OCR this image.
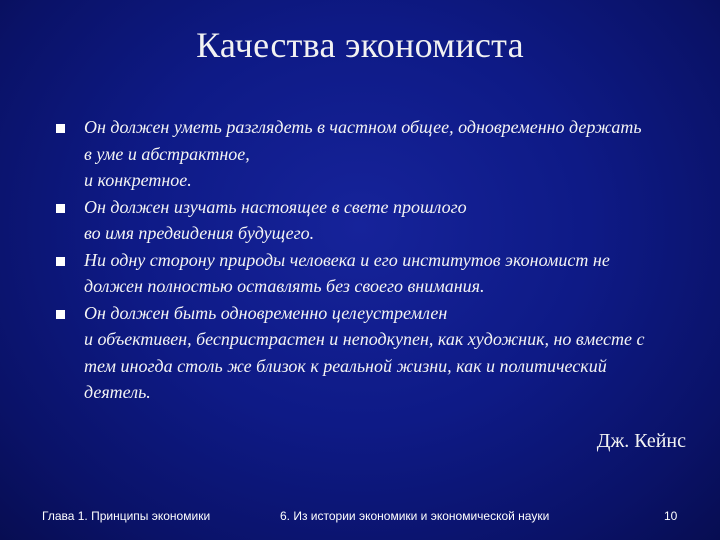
Качества экономиста
Он должен уметь разглядеть в частном общее, одновременно держать
в уме и абстрактное,
и конкретное.
Он должен изучать настоящее в свете прошлого
во имя предвидения будущего.
Ни одну сторону природы человека и его институтов экономист не
должен полностью оставлять без своего внимания.
Он должен быть одновременно целеустремлен
и объективен, беспристрастен и неподкупен, как художник, но вместе с
тем иногда столь же близок к реальной жизни, как и политический
деятель.
Дж. Кейнс
Глава 1. Принципы экономики	6. Из истории экономики и экономической науки	10
